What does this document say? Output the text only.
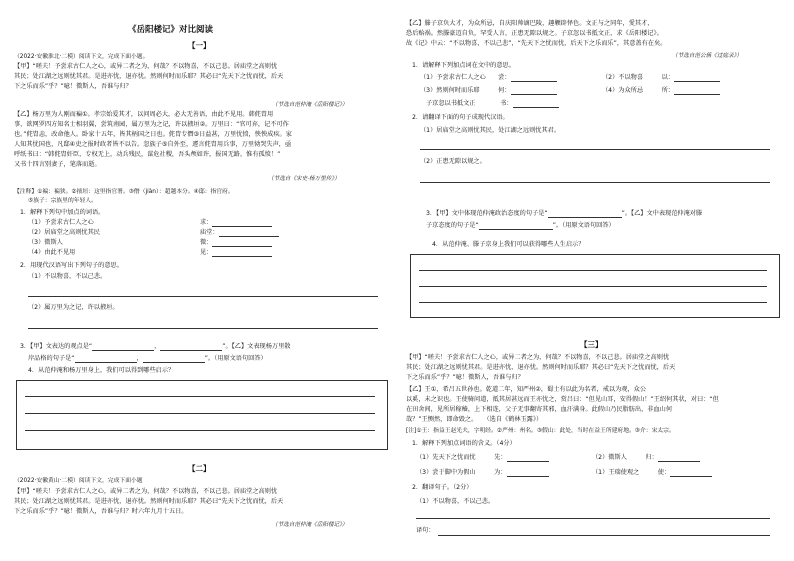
《岳阳楼记》对比阅读
【一】
（2022·安徽淮北·二模）阅读下文，完成下面小题。
【甲】“嗟夫！予尝求古仁人之心，或异二者之为，何哉？不以物喜，不以己悲。居庙堂之高则忧
其民；处江湖之远则忧其君。是进亦忧，退亦忧。然则何时而乐耶？其必曰“先天下之忧而忧，后天
下之乐而乐”乎？”噫！微斯人，吾谁与归？
（节选自范仲淹《岳阳楼记》）
【乙】杨万里为人刚而褊①。孝宗始爱其才，以问周必大，必大无善语，由此不见用。韩侂胄用
事，欲网罗四方知名士相羽翼，尝筑南园，属万里为之记，许以掖垣②。万里曰：“官可弃，记不可作
也。”侂胄恚，改命他人。卧家十五年，皆其柄国之日也。侂胄专僭③日益甚，万里忧愤，怏怏成疾。家
人知其忧国也，凡邸④吏之报时政者皆不以告。忽族子⑤自外至，遽言侂胄用兵事，万里恸哭失声，亟
呼纸书曰：“韩侂胄奸臣，专权无上，动兵残民，谋危社稷，吾头颅如许，报国无路，惟有孤愤！”
又书十四言别妻子，笔落而逝。
（节选自《宋史·杨万里传》）
【注释】①褊：褊狭。②掖垣：这里指官署。③僭（jiàn）：超越本分。④邸：指官府。
⑤族子：宗族里的年轻人。
1．解释下列句中加点的词语。
（1）予尝求古仁人之心	求：
（2）居庙堂之高则忧其民	庙堂：
（3）微斯人	微：
（4）由此不见用	见：
2．用现代汉语写出下列句子的意思。
（1）不以物喜，不以己悲。
（2）属万里为之记，许以掖垣。
3．【甲】文表达的观点是“	，	”。【乙】文表现杨万里散
岸品格的句子是“	，	”。（用原文语句回答）
4．从范仲淹和杨万里身上，我们可以得到哪些启示？
【二】
（2022·安徽黄山·二模）阅读下文，完成下面小题
【甲】“嗟夫！予尝求古仁人之心，或异二者之为，何哉？不以物喜，不以己悲。居庙堂之高则忧
其民；处江湖之远则忧其君。是进亦忧，退亦忧。然则何时而乐耶？其必曰“先天下之忧而忧，后天
下之乐而乐”乎？”噫！微斯人，吾谁与归？时六年九月十五日。
（节选自范仲淹《岳阳楼记》）
【乙】滕子京负大才，为众所忌，自庆阳帅谪巴陵，趣颗辟怿色。文正与之同年，愛其才，
恐后贻祸。然滕豪迈自负，罕受人言，正患无隙以规之。子京忽以书抵文正，求《岳阳楼记》。
故《记》中云：“不以物喜，不以己悲”，“先天下之忧而忧，后天下之乐而乐”，其意盖有在矣。
（节选自范公偁《过庭录》）
1．请解释下列加点词在文中的意思。
（1）予尝求古仁人之心　　尝：	（2）不以物喜　　　以：
（3）然则何时而乐耶　　　何：	（4）为众所忌　　　所：
子京忽以书抵文正　　　　书：
2．请翻译下面的句子成现代汉语。
（1）居庙堂之高则忧其民，处江湖之远则忧其君。
（2）正患无隙以规之。
3．【甲】文中体现范仲淹政治态度的句子是“	”。【乙】文中表现范仲淹对滕
子京态度的句子是“	”。（用原文语句回答）
4．从范仲淹、滕子京身上我们可以获得哪些人生启示？
【三】
【甲】“嗟夫！予尝求古仁人之心，或异二者之为，何哉？不以物喜，不以己悲。居庙堂之高则忧
其民；处江湖之远则忧其君。是进亦忧，退亦忧。然则何时而乐耶？其必曰“先天下之忧而忧，后天
下之乐而乐”乎？”噫！微斯人，吾谁与归？
【乙】王①，希吕五世孙也。乾道二年，知严州②，蜀士有以此为名者，戒以为观，众公
以奚，未之识也。王使骑问道，抵其居甚远而王亦忧之，赏吕曰：“但见山耳，安得假山！”王绍何其状，对曰：“但
在田舍间，见所居稼穑，上下相连，父子无事翻寄其邪，血汗满身。此假山乃民脂肪出，非血山何
哉？”王恻然，即命毁之。　　（选自《鹤林玉露》）
[注]①王：指益王赵光夫，字明经。②严州：州名。③假山：此处，当时在益王所建府地。③介：宋太宗。
1．解释下列加点词语的含义。（4分）
（1）先天下之忧而忧　　　先：	（2）微斯人　　　归：
（3）尝于脚中为假山　　　为：	（1）王瑞使观之　　　使：
2．翻译句子。（2分）
（1）不以物喜，不以己悲。
译句：
